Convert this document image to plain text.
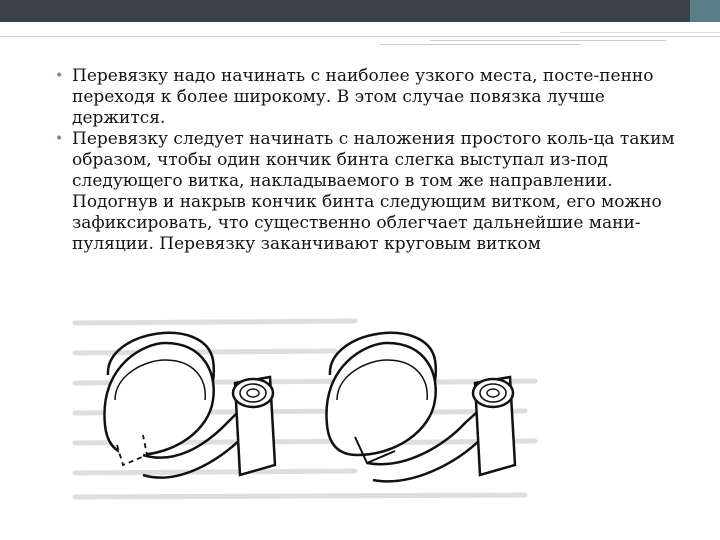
• Перевязку надо начинать с наиболее узкого места, посте-пенно переходя к более широкому. В этом случае повязка лучше держится.
• Перевязку следует начинать с наложения простого коль-ца таким образом, чтобы один кончик бинта слегка выступал из-под следующего витка, накладываемого в том же направлении. Подогнув и накрыв кончик бинта следующим витком, его можно зафиксировать, что существенно облегчает дальнейшие мани-пуляции. Перевязку заканчивают круговым витком
